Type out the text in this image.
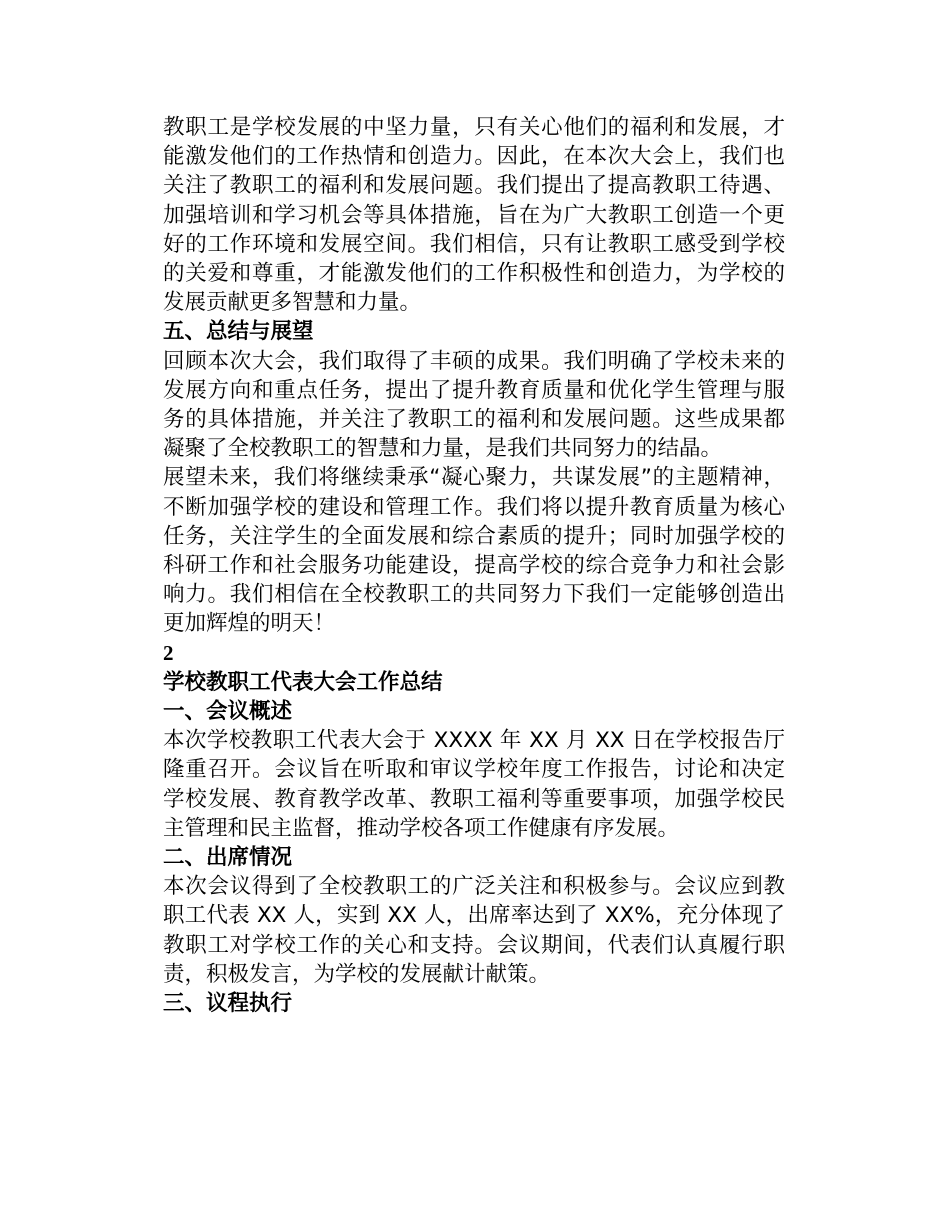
教职工是学校发展的中坚力量，只有关心他们的福利和发展，才能激发他们的工作热情和创造力。因此，在本次大会上，我们也关注了教职工的福利和发展问题。我们提出了提高教职工待遇、加强培训和学习机会等具体措施，旨在为广大教职工创造一个更好的工作环境和发展空间。我们相信，只有让教职工感受到学校的关爱和尊重，才能激发他们的工作积极性和创造力，为学校的发展贡献更多智慧和力量。

五、总结与展望

回顾本次大会，我们取得了丰硕的成果。我们明确了学校未来的发展方向和重点任务，提出了提升教育质量和优化学生管理与服务的具体措施，并关注了教职工的福利和发展问题。这些成果都凝聚了全校教职工的智慧和力量，是我们共同努力的结晶。

展望未来，我们将继续秉承“凝心聚力，共谋发展”的主题精神，不断加强学校的建设和管理工作。我们将以提升教育质量为核心任务，关注学生的全面发展和综合素质的提升；同时加强学校的科研工作和社会服务功能建设，提高学校的综合竞争力和社会影响力。我们相信在全校教职工的共同努力下我们一定能够创造出更加辉煌的明天！

2

学校教职工代表大会工作总结

一、会议概述

本次学校教职工代表大会于 XXXX 年 XX 月 XX 日在学校报告厅隆重召开。会议旨在听取和审议学校年度工作报告，讨论和决定学校发展、教育教学改革、教职工福利等重要事项，加强学校民主管理和民主监督，推动学校各项工作健康有序发展。

二、出席情况

本次会议得到了全校教职工的广泛关注和积极参与。会议应到教职工代表 XX 人，实到 XX 人，出席率达到了 XX%，充分体现了教职工对学校工作的关心和支持。会议期间，代表们认真履行职责，积极发言，为学校的发展献计献策。

三、议程执行
